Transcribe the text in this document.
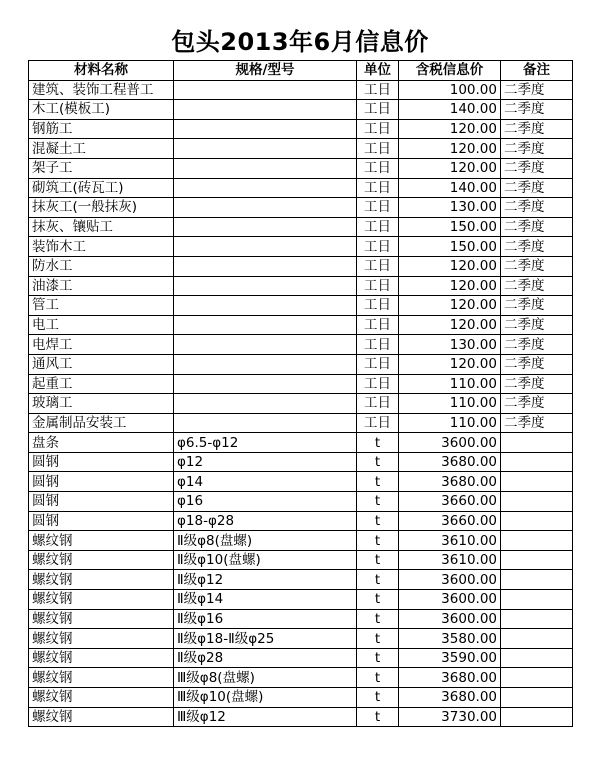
包头2013年6月信息价
材料名称	规格/型号	单位	含税信息价	备注
建筑、装饰工程普工		工日	100.00	二季度
木工(模板工)		工日	140.00	二季度
钢筋工		工日	120.00	二季度
混凝土工		工日	120.00	二季度
架子工		工日	120.00	二季度
砌筑工(砖瓦工)		工日	140.00	二季度
抹灰工(一般抹灰)		工日	130.00	二季度
抹灰、镶贴工		工日	150.00	二季度
装饰木工		工日	150.00	二季度
防水工		工日	120.00	二季度
油漆工		工日	120.00	二季度
管工		工日	120.00	二季度
电工		工日	120.00	二季度
电焊工		工日	130.00	二季度
通风工		工日	120.00	二季度
起重工		工日	110.00	二季度
玻璃工		工日	110.00	二季度
金属制品安装工		工日	110.00	二季度
盘条	φ6.5-φ12	t	3600.00	
圆钢	φ12	t	3680.00	
圆钢	φ14	t	3680.00	
圆钢	φ16	t	3660.00	
圆钢	φ18-φ28	t	3660.00	
螺纹钢	Ⅱ级φ8(盘螺)	t	3610.00	
螺纹钢	Ⅱ级φ10(盘螺)	t	3610.00	
螺纹钢	Ⅱ级φ12	t	3600.00	
螺纹钢	Ⅱ级φ14	t	3600.00	
螺纹钢	Ⅱ级φ16	t	3600.00	
螺纹钢	Ⅱ级φ18-Ⅱ级φ25	t	3580.00	
螺纹钢	Ⅱ级φ28	t	3590.00	
螺纹钢	Ⅲ级φ8(盘螺)	t	3680.00	
螺纹钢	Ⅲ级φ10(盘螺)	t	3680.00	
螺纹钢	Ⅲ级φ12	t	3730.00	
